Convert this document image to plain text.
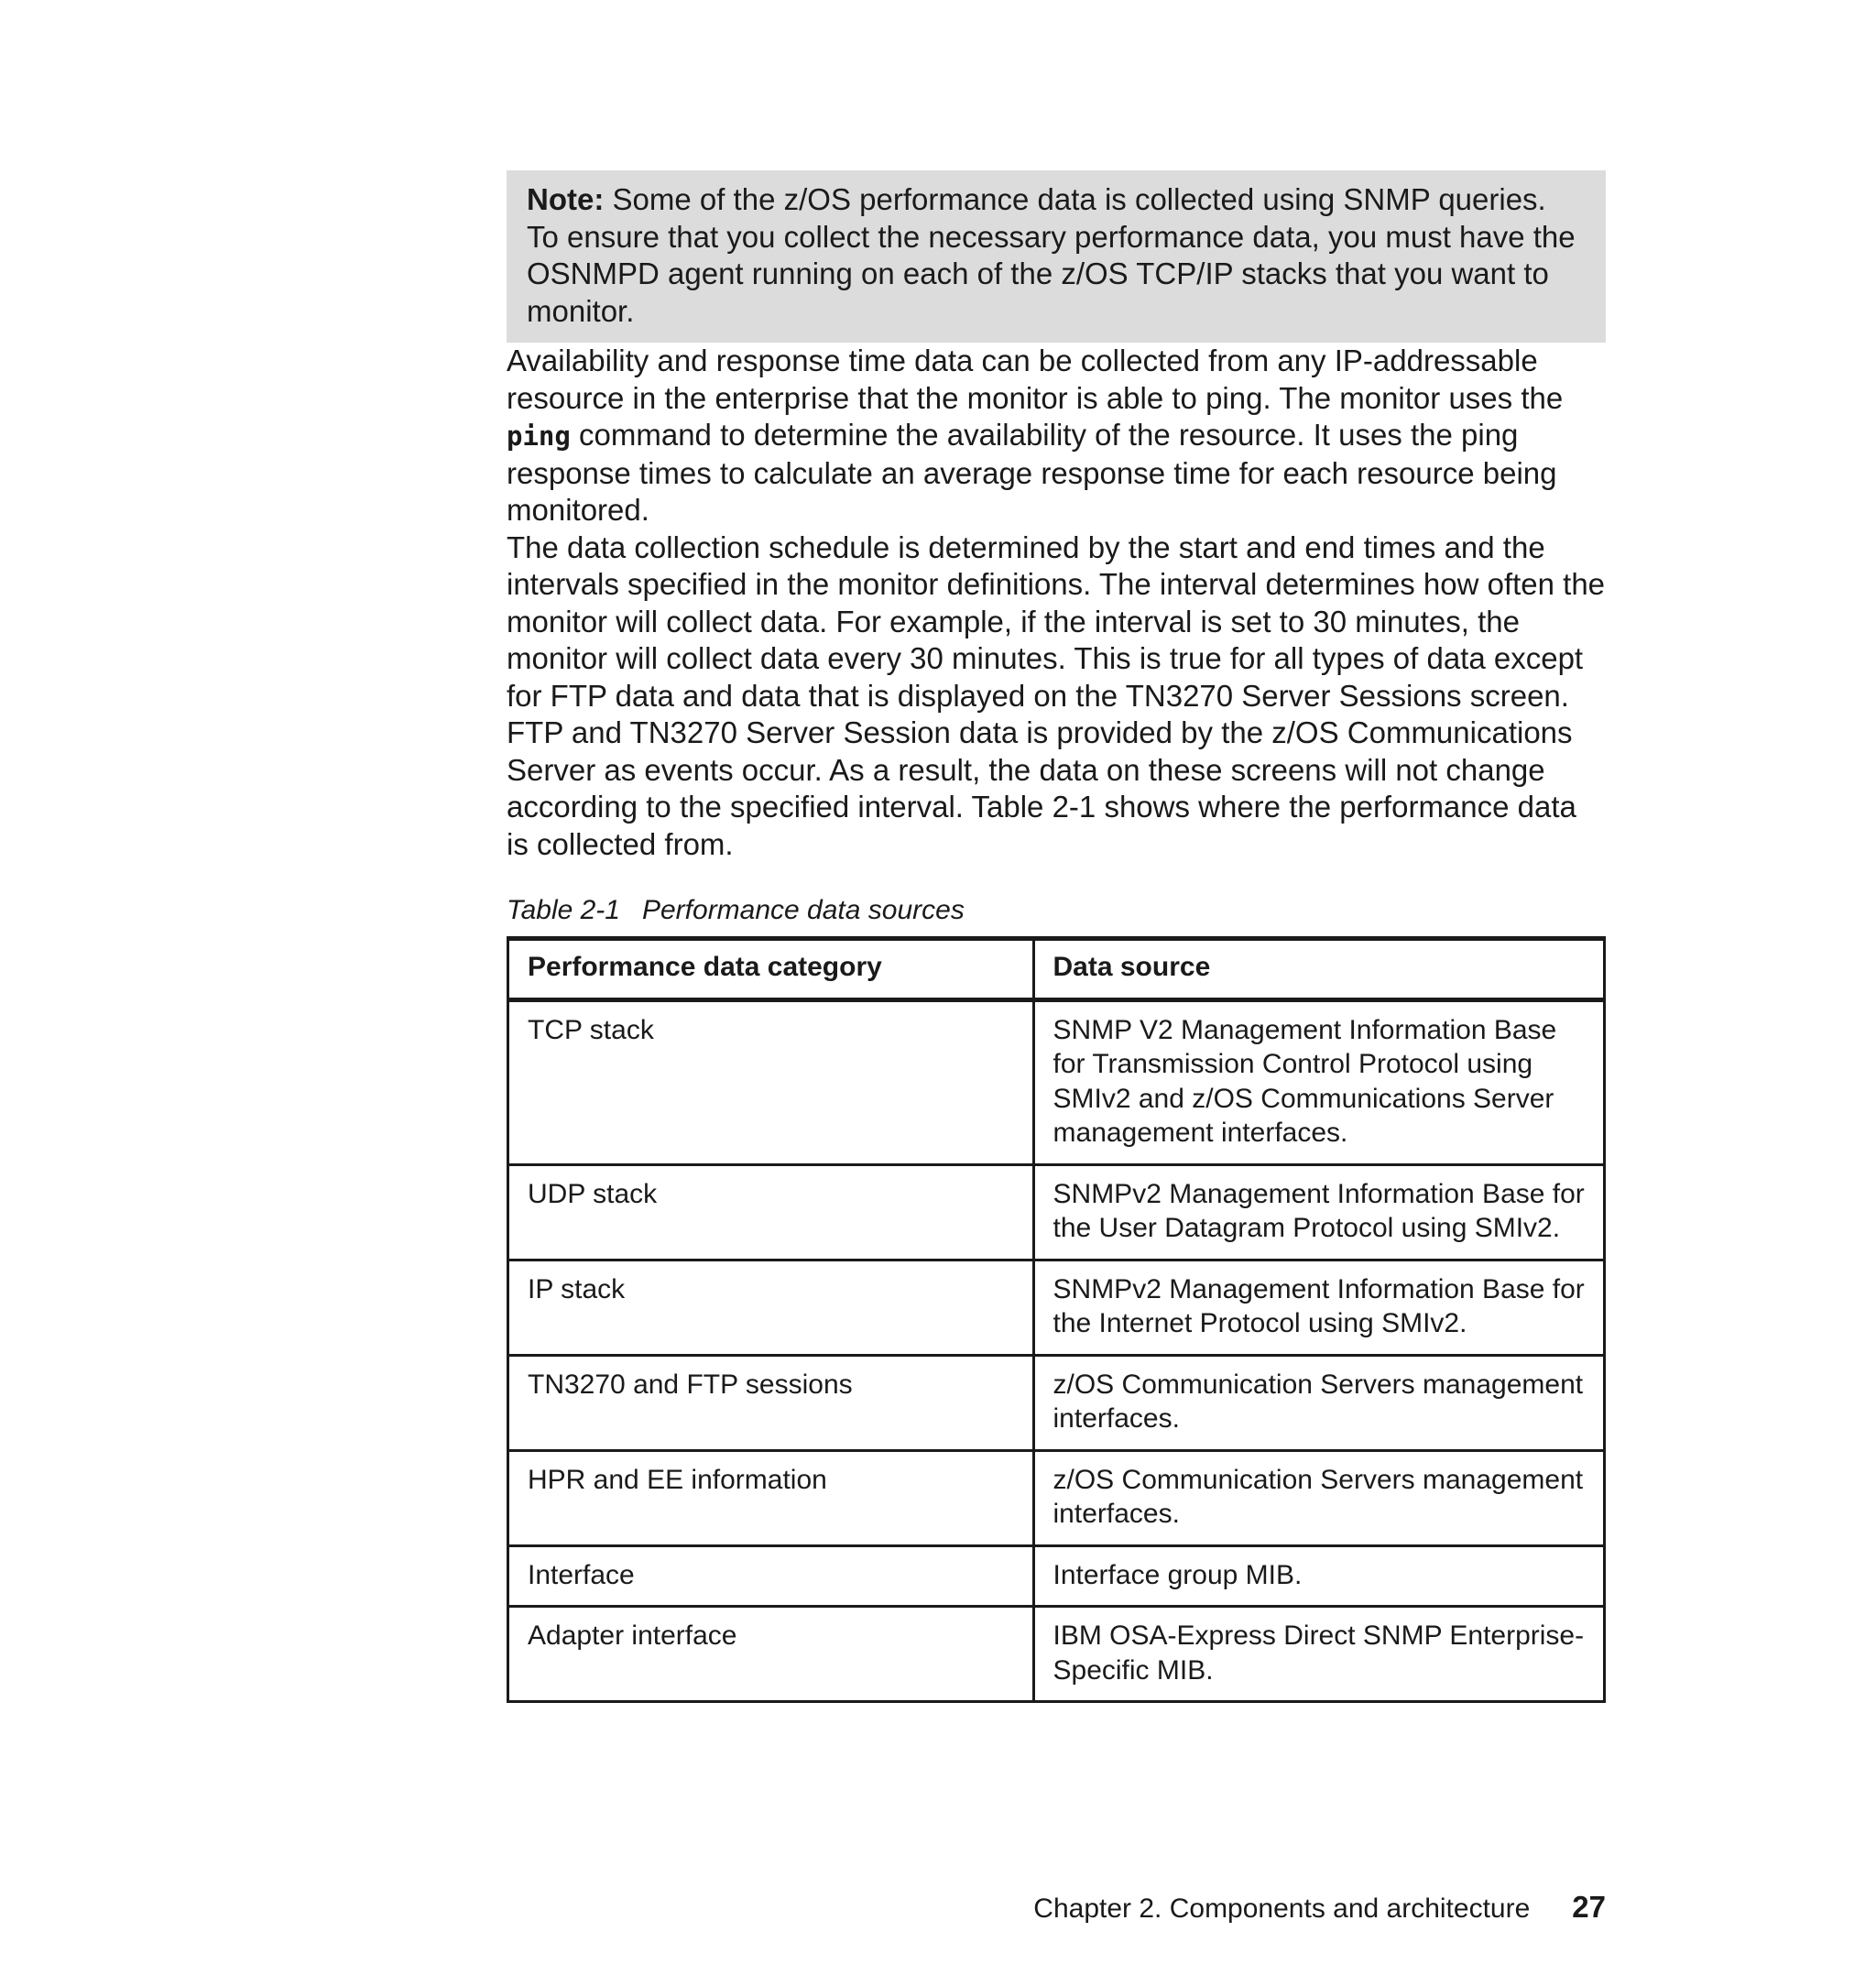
Note: Some of the z/OS performance data is collected using SNMP queries. To ensure that you collect the necessary performance data, you must have the OSNMPD agent running on each of the z/OS TCP/IP stacks that you want to monitor.

Availability and response time data can be collected from any IP-addressable resource in the enterprise that the monitor is able to ping. The monitor uses the ping command to determine the availability of the resource. It uses the ping response times to calculate an average response time for each resource being monitored.

The data collection schedule is determined by the start and end times and the intervals specified in the monitor definitions. The interval determines how often the monitor will collect data. For example, if the interval is set to 30 minutes, the monitor will collect data every 30 minutes. This is true for all types of data except for FTP data and data that is displayed on the TN3270 Server Sessions screen. FTP and TN3270 Server Session data is provided by the z/OS Communications Server as events occur. As a result, the data on these screens will not change according to the specified interval. Table 2-1 shows where the performance data is collected from.

Table 2-1 Performance data sources
Performance data category	Data source
TCP stack	SNMP V2 Management Information Base for Transmission Control Protocol using SMIv2 and z/OS Communications Server management interfaces.
UDP stack	SNMPv2 Management Information Base for the User Datagram Protocol using SMIv2.
IP stack	SNMPv2 Management Information Base for the Internet Protocol using SMIv2.
TN3270 and FTP sessions	z/OS Communication Servers management interfaces.
HPR and EE information	z/OS Communication Servers management interfaces.
Interface	Interface group MIB.
Adapter interface	IBM OSA-Express Direct SNMP Enterprise-Specific MIB.
Chapter 2. Components and architecture 27
